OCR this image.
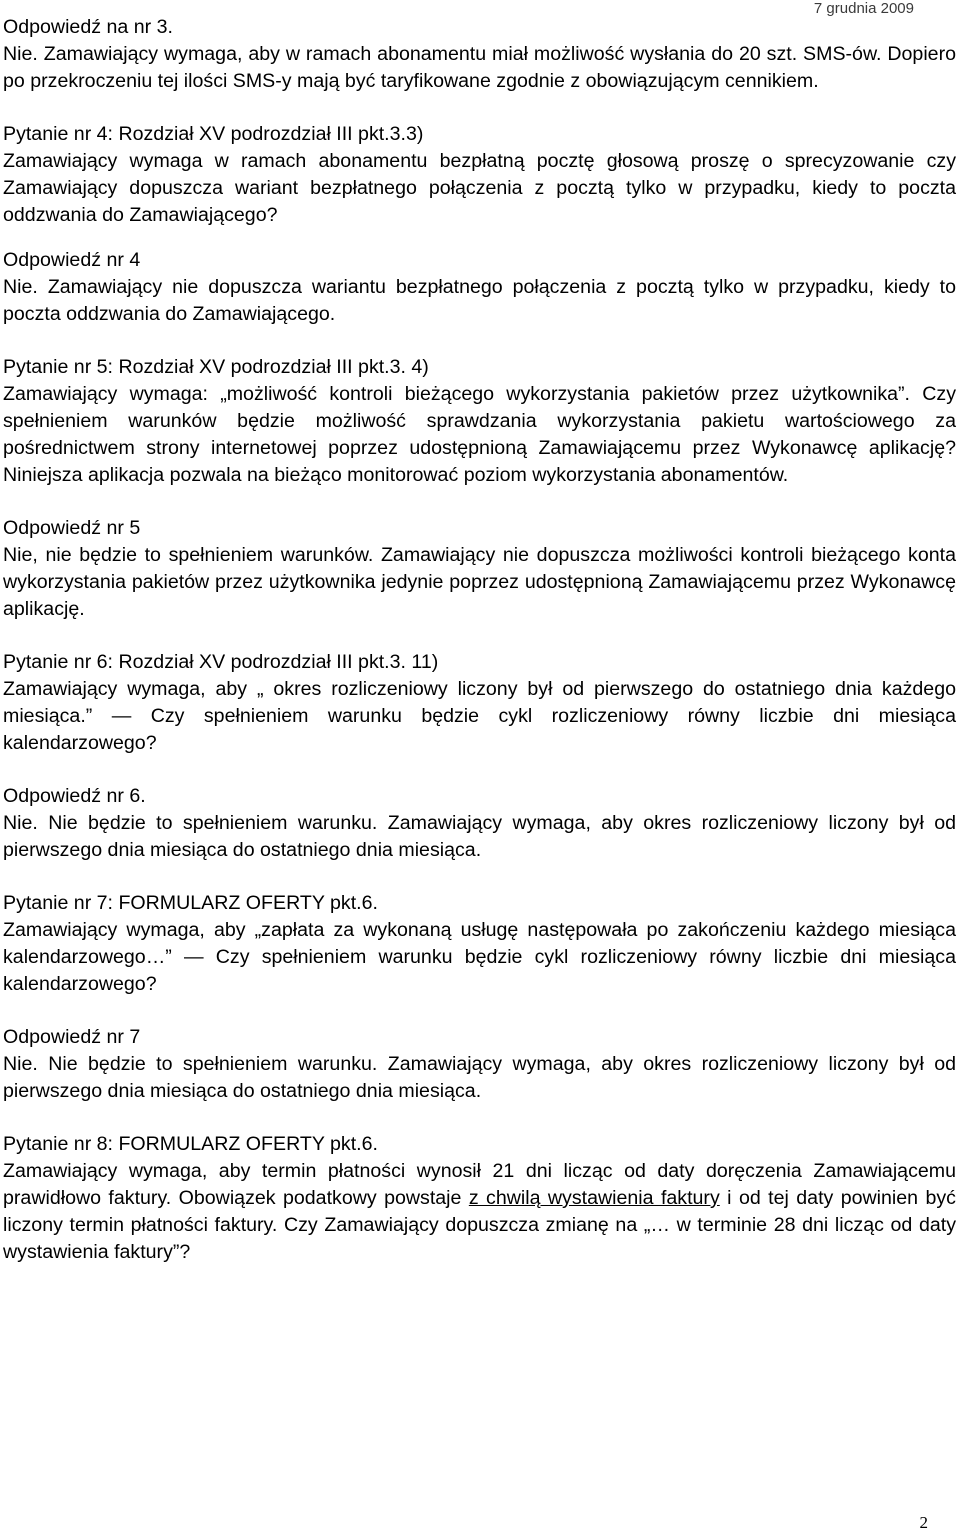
7 grudnia 2009

Odpowiedź na nr 3.

Nie. Zamawiający wymaga, aby w ramach abonamentu miał możliwość wysłania do 20 szt. SMS-ów. Dopiero po przekroczeniu tej ilości SMS-y mają być taryfikowane zgodnie z obowiązującym cennikiem.

Pytanie nr 4: Rozdział XV podrozdział III pkt.3.3)

Zamawiający wymaga w ramach abonamentu bezpłatną pocztę głosową proszę o sprecyzowanie czy Zamawiający dopuszcza wariant bezpłatnego połączenia z pocztą tylko w przypadku, kiedy to poczta oddzwania do Zamawiającego?

Odpowiedź nr 4

Nie. Zamawiający nie dopuszcza wariantu bezpłatnego połączenia z pocztą tylko w przypadku, kiedy to poczta oddzwania do Zamawiającego.

Pytanie nr 5: Rozdział XV podrozdział III pkt.3. 4)

Zamawiający wymaga: „możliwość kontroli bieżącego wykorzystania pakietów przez użytkownika”. Czy spełnieniem warunków będzie możliwość sprawdzania wykorzystania pakietu wartościowego za pośrednictwem strony internetowej poprzez udostępnioną Zamawiającemu przez Wykonawcę aplikację? Niniejsza aplikacja pozwala na bieżąco monitorować poziom wykorzystania abonamentów.

Odpowiedź nr 5

Nie, nie będzie to spełnieniem warunków. Zamawiający nie dopuszcza możliwości kontroli bieżącego konta wykorzystania pakietów przez użytkownika jedynie poprzez udostępnioną Zamawiającemu przez Wykonawcę aplikację.

Pytanie nr 6: Rozdział XV podrozdział III pkt.3. 11)

Zamawiający wymaga, aby „ okres rozliczeniowy liczony był od pierwszego do ostatniego dnia każdego miesiąca.” — Czy spełnieniem warunku będzie cykl rozliczeniowy równy liczbie dni miesiąca kalendarzowego?

Odpowiedź nr 6.

Nie. Nie będzie to spełnieniem warunku. Zamawiający wymaga, aby okres rozliczeniowy liczony był od pierwszego dnia miesiąca do ostatniego dnia miesiąca.

Pytanie nr 7: FORMULARZ OFERTY pkt.6.

Zamawiający wymaga, aby „zapłata za wykonaną usługę następowała po zakończeniu każdego miesiąca kalendarzowego…” — Czy spełnieniem warunku będzie cykl rozliczeniowy równy liczbie dni miesiąca kalendarzowego?

Odpowiedź nr 7

Nie. Nie będzie to spełnieniem warunku. Zamawiający wymaga, aby okres rozliczeniowy liczony był od pierwszego dnia miesiąca do ostatniego dnia miesiąca.

Pytanie nr 8: FORMULARZ OFERTY pkt.6.

Zamawiający wymaga, aby termin płatności wynosił 21 dni licząc od daty doręczenia Zamawiającemu prawidłowo faktury. Obowiązek podatkowy powstaje z chwilą wystawienia faktury i od tej daty powinien być liczony termin płatności faktury. Czy Zamawiający dopuszcza zmianę na „… w terminie 28 dni licząc od daty wystawienia faktury”?

2
